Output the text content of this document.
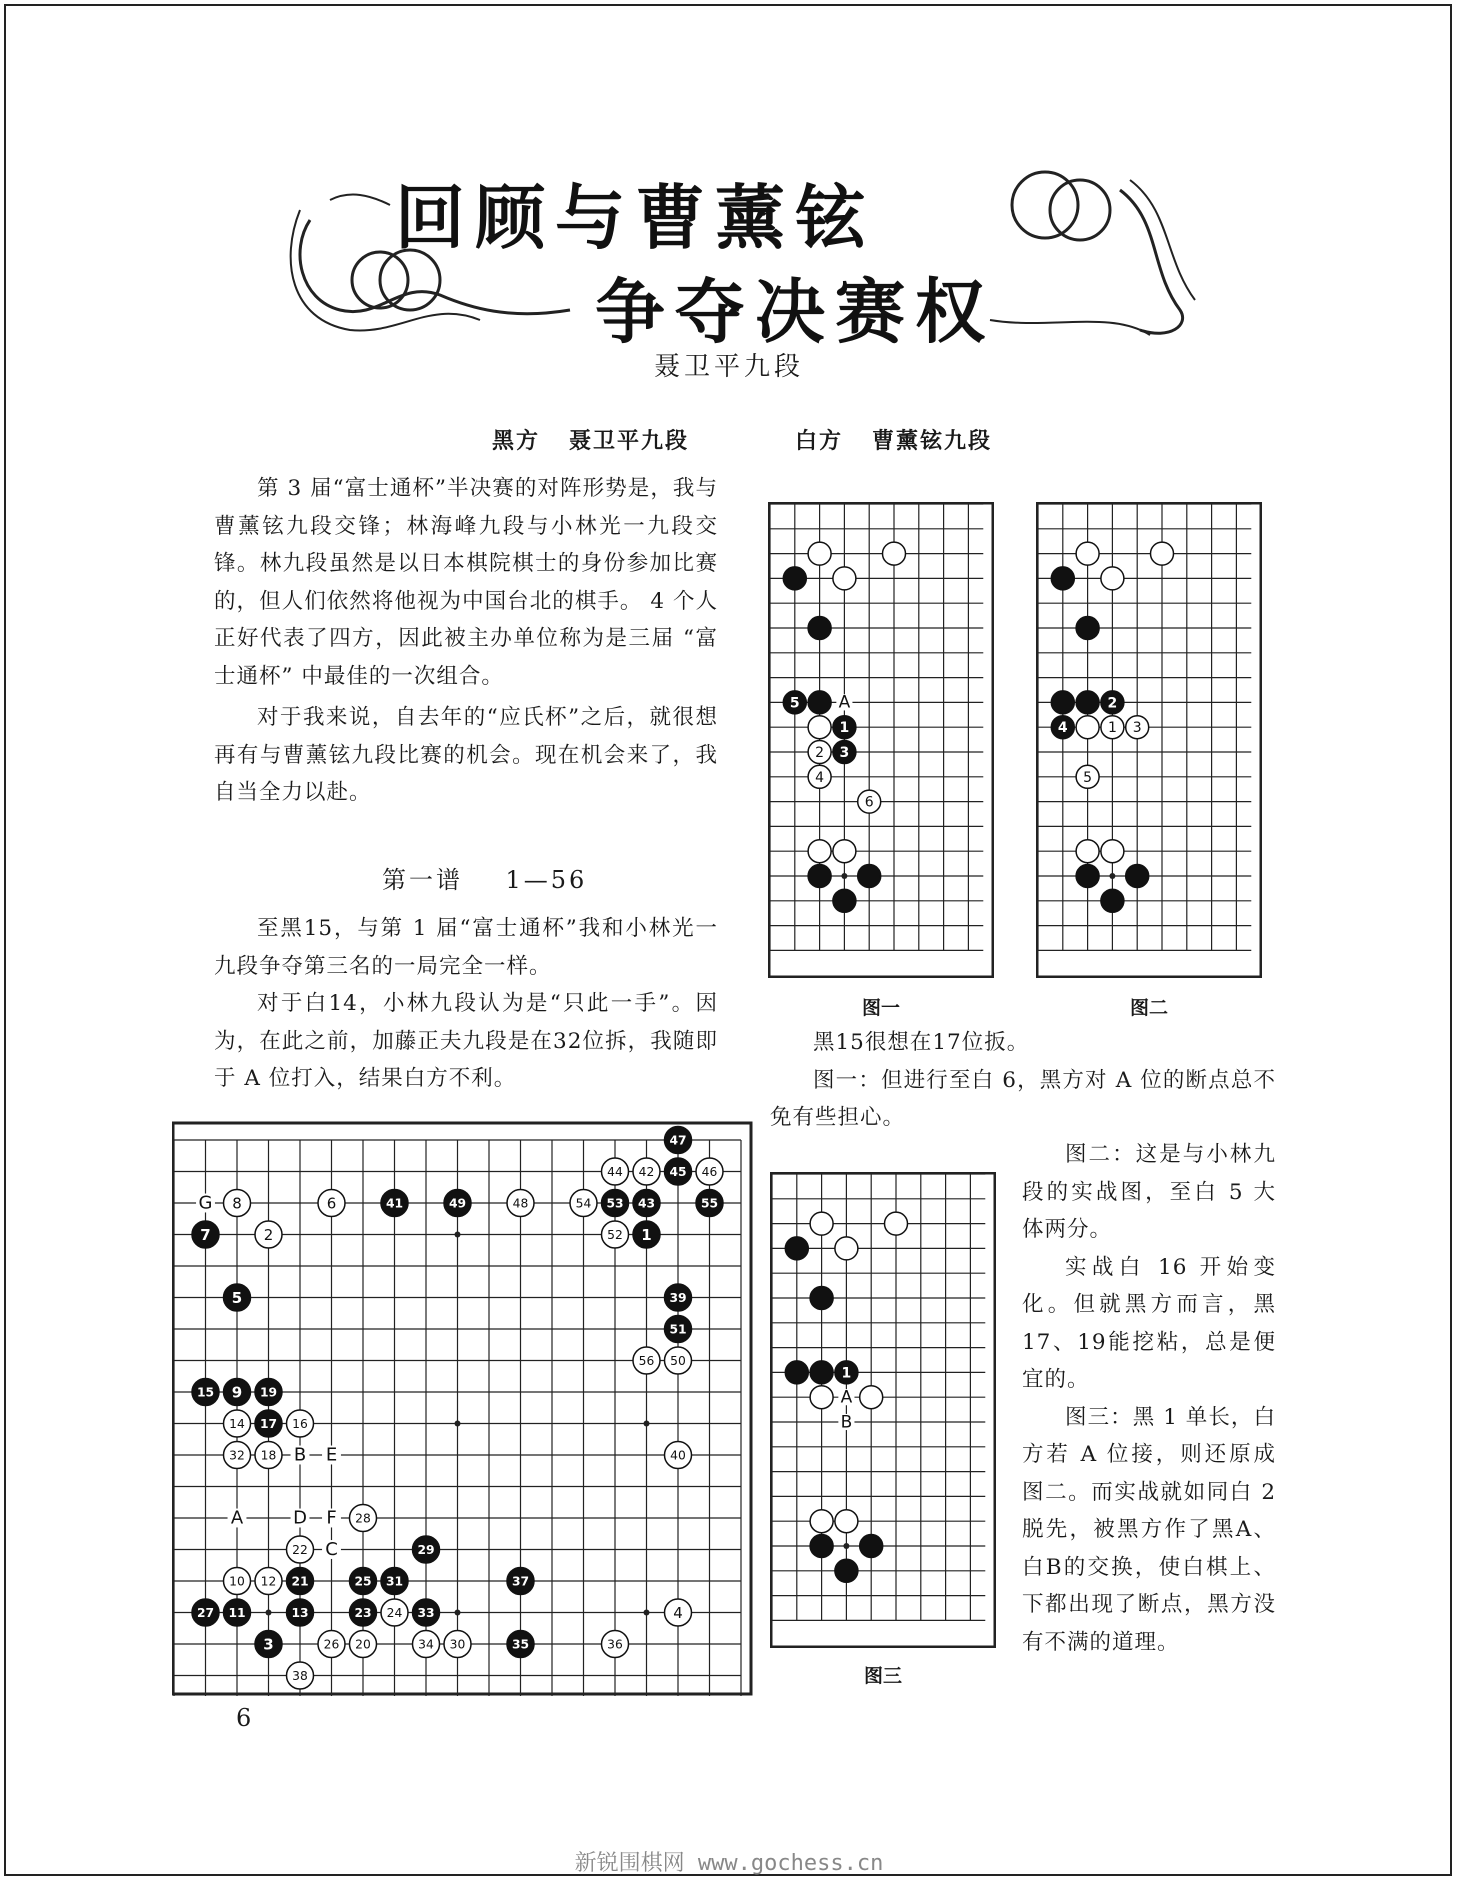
回顾与曹薰铉
争夺决赛权
聂卫平九段
黑方 聂卫平九段	白方 曹薰铉九段

第 3 届“富士通杯”半决赛的对阵形势是，我与曹薰铉九段交锋；林海峰九段与小林光一九段交锋。林九段虽然是以日本棋院棋士的身份参加比赛的，但人们依然将他视为中国台北的棋手。 4 个人正好代表了四方，因此被主办单位称为是三届 “富士通杯” 中最佳的一次组合。

对于我来说，自去年的“应氏杯”之后，就很想再有与曹薰铉九段比赛的机会。现在机会来了，我自当全力以赴。

第一谱 1—56

至黑15，与第 1 届“富士通杯”我和小林光一九段争夺第三名的一局完全一样。

对于白14，小林九段认为是“只此一手”。因为，在此之前，加藤正夫九段是在32位拆，我随即于 A 位打入，结果白方不利。

黑15很想在17位扳。

图一：但进行至白 6，黑方对 A 位的断点总不免有些担心。

图二：这是与小林九段的实战图，至白 5 大体两分。

实战白 16 开始变化。但就黑方而言，黑17、19能挖粘，总是便宜的。

图三：黑 1 单长，白方若 A 位接，则还原成图二。而实战就如同白 2 脱先，被黑方作了黑A、白B的交换，使白棋上、下都出现了断点，黑方没有不满的道理。

A
5
1
2 3
4
6
图一
2
4	1 3
5
图二
A
B
1
图三
G
B E
A	D F
C
47
44 42 45 46
8	6	41	49	48	54 53 43	55
7	2	52 1
5	39
51
56 50
15 9 19
14 17 16
32 18	40
28
22	29
10 12 21	25 31	37
27 11	13	23 24 33	4
3	26 20	34 30	35	36
38
6
新锐围棋网 www.gochess.cn
